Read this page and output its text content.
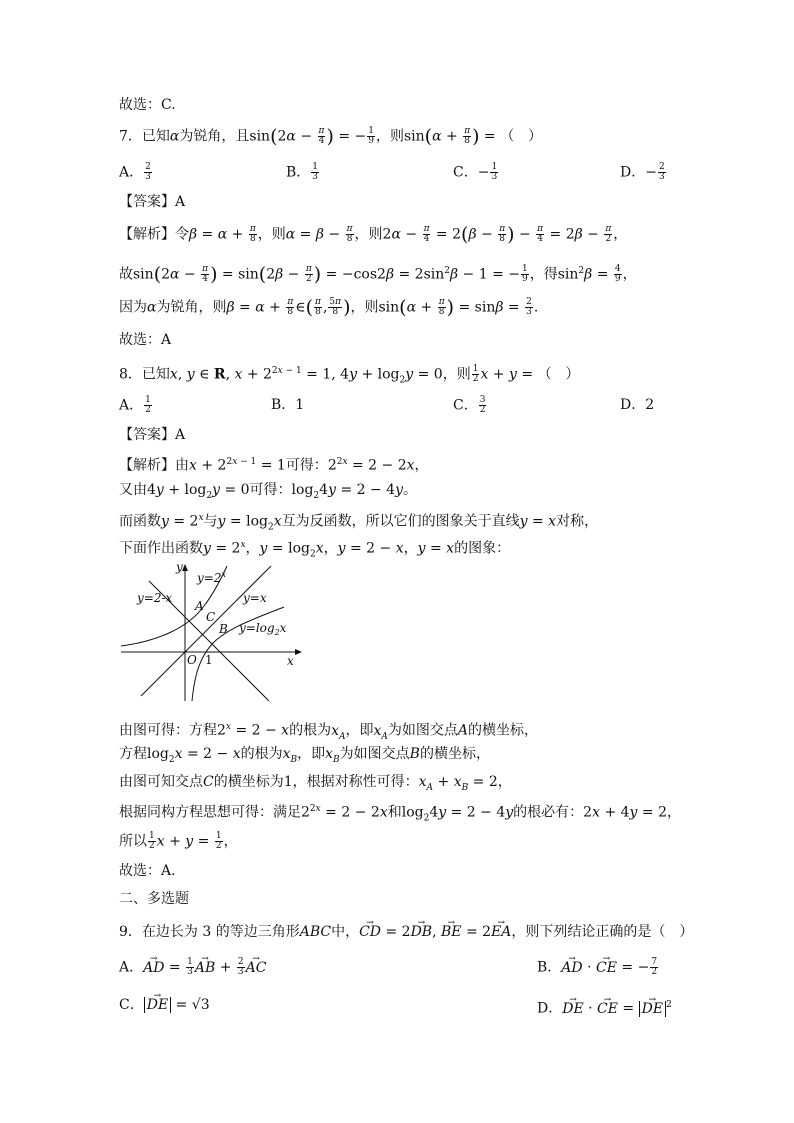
故选：C.
7．已知α为锐角，且$\sin(2\alpha - \frac{\pi}{4}$ ) = − $\frac{1}{9}$ ，则$\sin(\alpha + \frac{\pi}{8}$ ) = （　）
A． $\frac{2}{3}$	B． $\frac{1}{3}$	C．− $\frac{1}{3}$	D．− $\frac{2}{3}$
【答案】A
【解析】令$\beta = \alpha + \frac{\pi}{8}$ ，则$\alpha = \beta - \frac{\pi}{8}$ ，则$2\alpha - \frac{\pi}{4} = 2(\beta - \frac{\pi}{8}$ ) − $\frac{\pi}{4} = 2\beta - \frac{\pi}{2}$ ，
故$\sin(2\alpha - \frac{\pi}{4}$ ) = $\sin(2\beta - \frac{\pi}{2}$ ) = $-\cos 2\beta = 2\sin^2\beta - 1$ = − $\frac{1}{9}$ ，得$\sin^2\beta = \frac{4}{9}$ ，
因为α为锐角，则$\beta = \alpha + \frac{\pi}{8}$ ∈( $\frac{\pi}{8}$ , $\frac{5\pi}{8}$ )，则$\sin(\alpha + \frac{\pi}{8}$ ) = $\sin\beta = \frac{2}{3}$ .
故选：A
8．已知x, y ∈ R, $x + 2^{2x - 1} = 1$, $4y + \log_2y = 0$，则 $\frac{1}{2}$ x + y = （　）
A． $\frac{1}{2}$	B．1	C． $\frac{3}{2}$	D．2
【答案】A
【解析】由$x + 2^{2x - 1} = 1$可得：$2^{2x} = 2 - 2x$，
又由$4y + \log_2y = 0$可得：$\log_24y = 2 - 4y$。
而函数$y = 2^x$与$y = \log_2x$互为反函数，所以它们的图象关于直线y = x对称，
下面作出函数$y = 2^x$，$y = \log_2x$，y = 2 − x，y = x的图象：
y
x
$y=2^x$
y=2-x	y=x
$y=\log_2x$
A
C
B
O 1
由图可得：方程$2^x = 2 - x$的根为$x_A$，即$x_A$为如图交点A的横坐标，
方程$\log_2x = 2 - x$的根为$x_B$，即$x_B$为如图交点B的横坐标，
由图可知交点C的横坐标为1，根据对称性可得：$x_A + x_B = 2$，
根据同构方程思想可得：满足$2^{2x} = 2 - 2x$和$\log_24y = 2 - 4y$的根必有：2x + 4y = 2，
所以 $\frac{1}{2}$ $x + y = \frac{1}{2}$ ，
故选：A.
二、多选题
9．在边长为 3 的等边三角形ABC中，→ CD = 2→ DB, → BE = 2→ EA，则下列结论正确的是（　）
A．→ AD = $\frac{1}{3}$ → AB + $\frac{2}{3}$ → AC	B．→ AD · → CE = − $\frac{7}{2}$
C． → DE = √3	D．→ DE · → CE = → DE $^2$
